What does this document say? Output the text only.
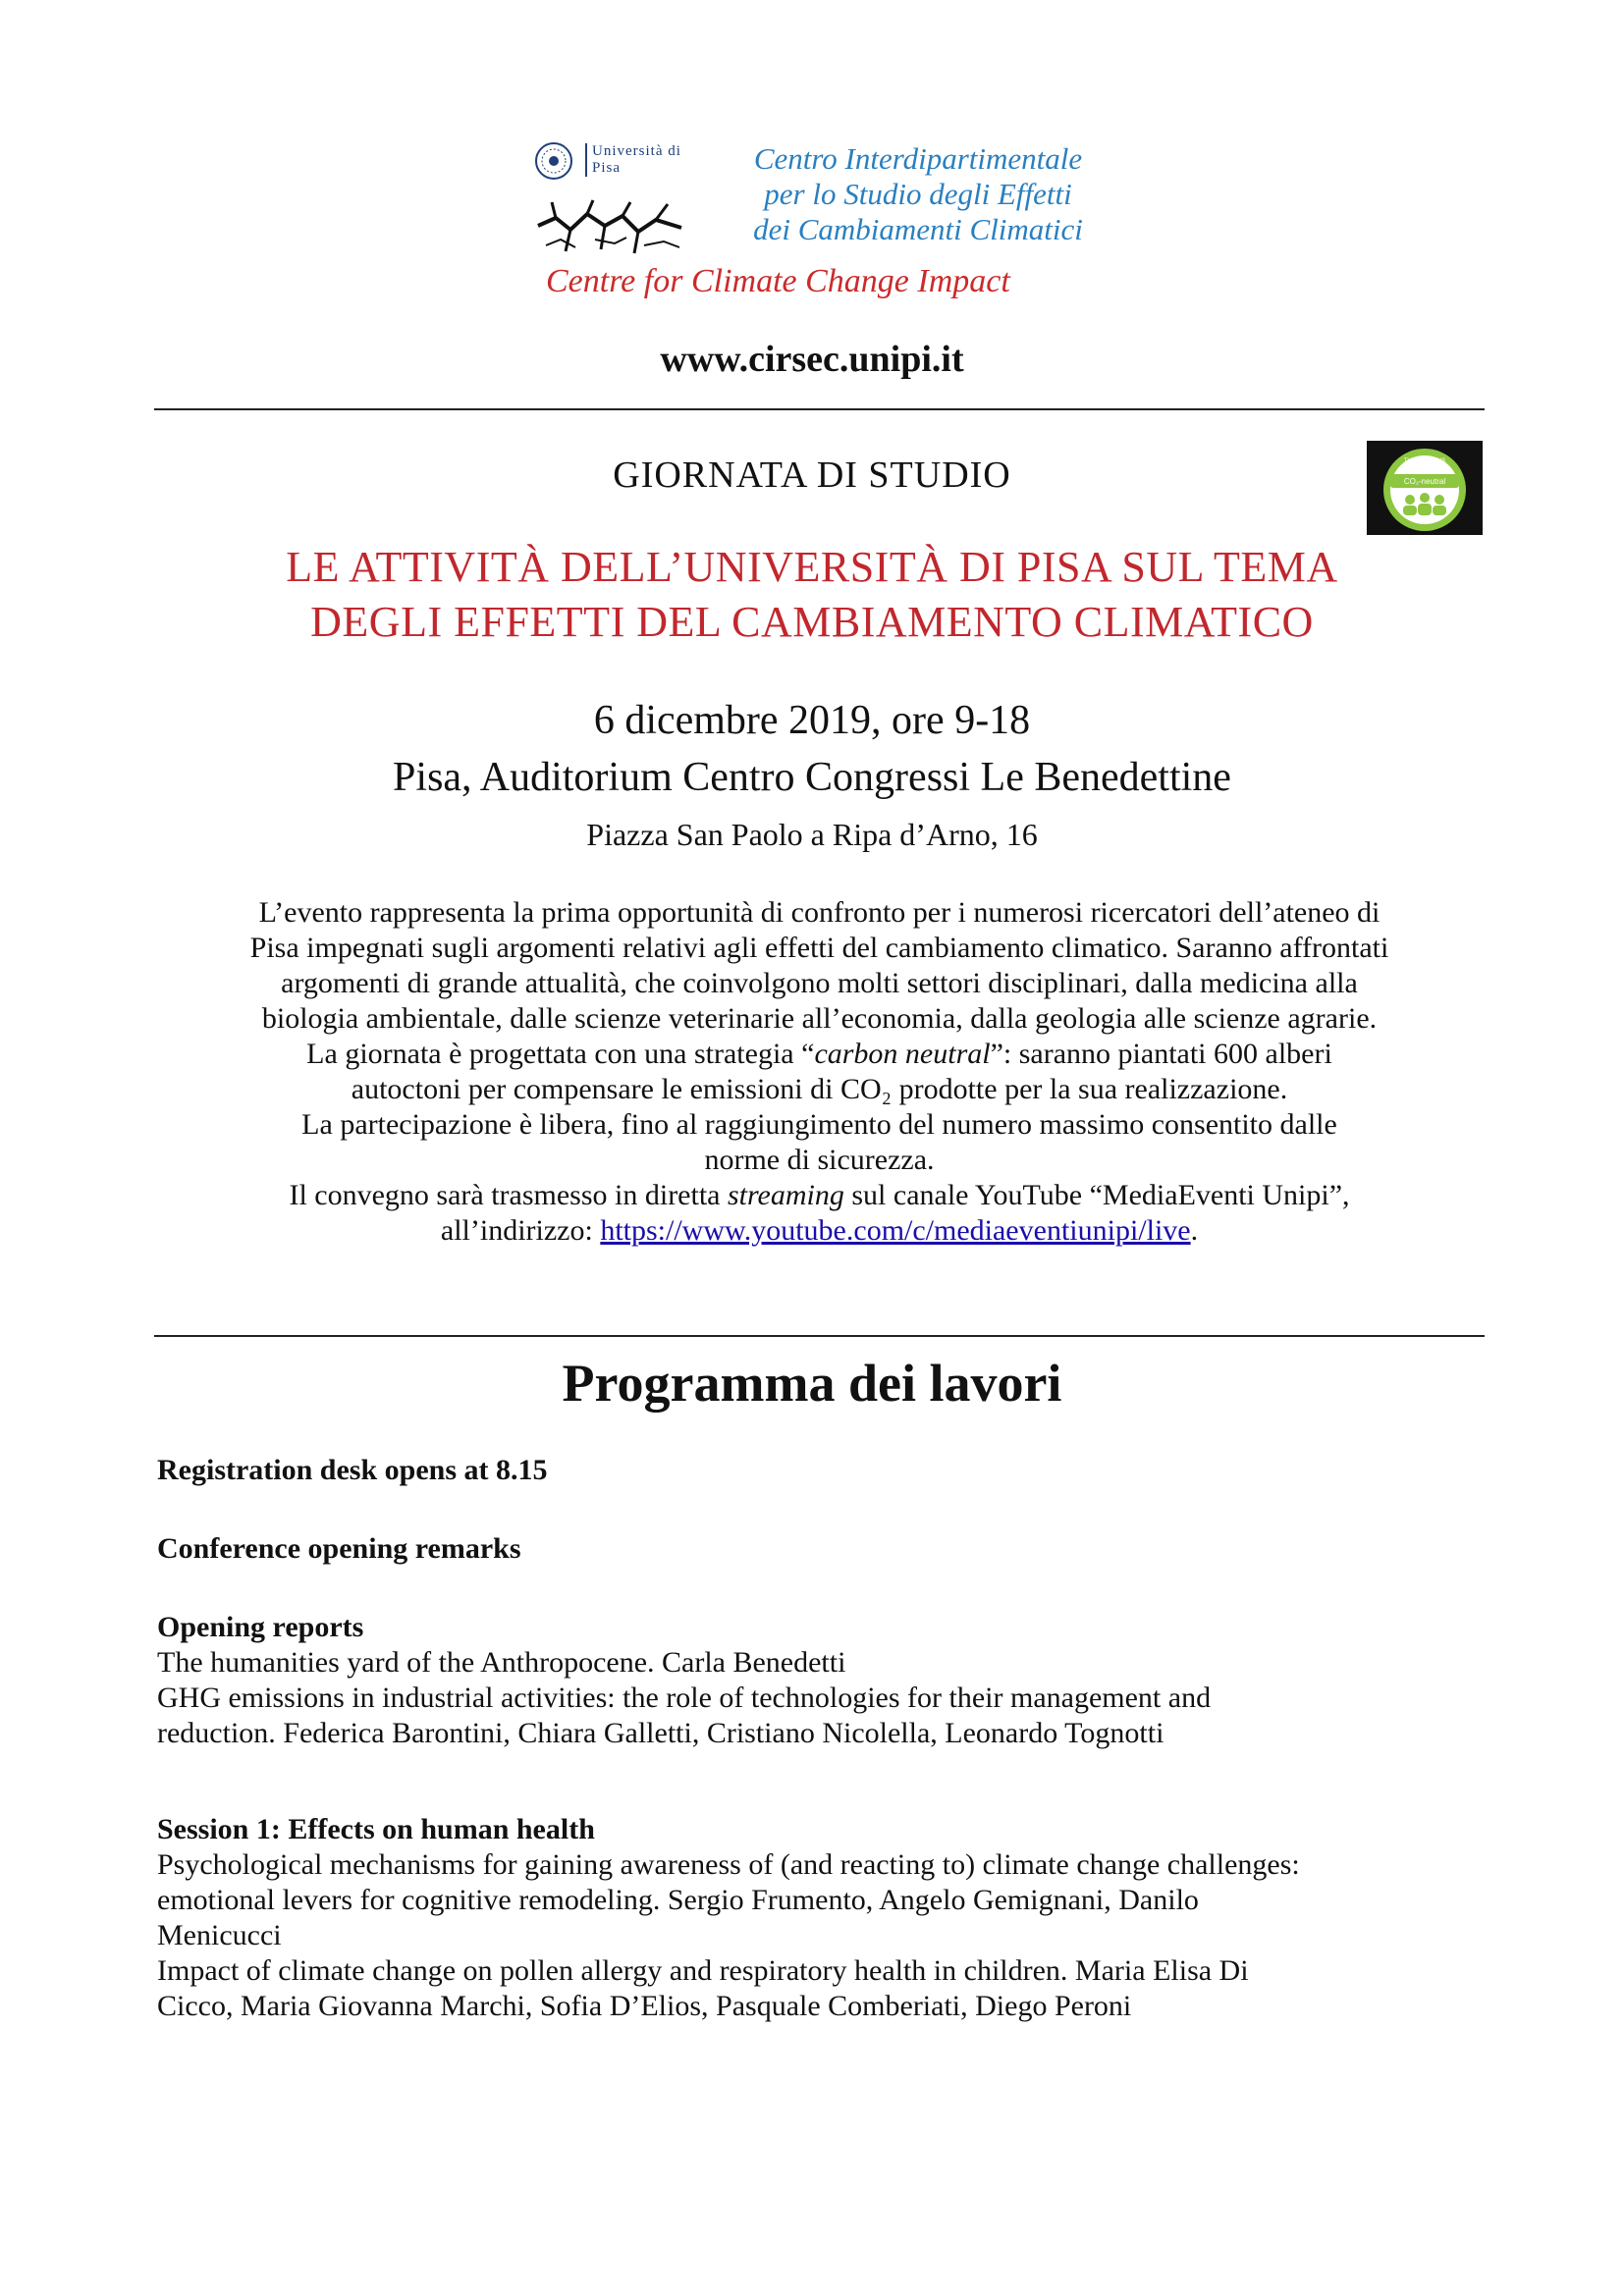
Università di Pisa	Centro Interdipartimentale
per lo Studio degli Effetti
dei Cambiamenti Climatici
Centre for Climate Change Impact
www.cirsec.unipi.it
CO₂-neutral
THIS EVENT IS
GIORNATA DI STUDIO
LE ATTIVITÀ DELL’UNIVERSITÀ DI PISA SUL TEMA
DEGLI EFFETTI DEL CAMBIAMENTO CLIMATICO
6 dicembre 2019, ore 9-18
Pisa, Auditorium Centro Congressi Le Benedettine
Piazza San Paolo a Ripa d’Arno, 16
L’evento rappresenta la prima opportunità di confronto per i numerosi ricercatori dell’ateneo di
Pisa impegnati sugli argomenti relativi agli effetti del cambiamento climatico. Saranno affrontati
argomenti di grande attualità, che coinvolgono molti settori disciplinari, dalla medicina alla
biologia ambientale, dalle scienze veterinarie all’economia, dalla geologia alle scienze agrarie.
La giornata è progettata con una strategia “carbon neutral”: saranno piantati 600 alberi
autoctoni per compensare le emissioni di CO₂ prodotte per la sua realizzazione.
La partecipazione è libera, fino al raggiungimento del numero massimo consentito dalle
norme di sicurezza.
Il convegno sarà trasmesso in diretta streaming sul canale YouTube “MediaEventi Unipi”,
all’indirizzo: https://www.youtube.com/c/mediaeventiunipi/live.
Programma dei lavori
Registration desk opens at 8.15
Conference opening remarks
Opening reports
The humanities yard of the Anthropocene. Carla Benedetti
GHG emissions in industrial activities: the role of technologies for their management and
reduction. Federica Barontini, Chiara Galletti, Cristiano Nicolella, Leonardo Tognotti
Session 1: Effects on human health
Psychological mechanisms for gaining awareness of (and reacting to) climate change challenges:
emotional levers for cognitive remodeling. Sergio Frumento, Angelo Gemignani, Danilo
Menicucci
Impact of climate change on pollen allergy and respiratory health in children. Maria Elisa Di
Cicco, Maria Giovanna Marchi, Sofia D’Elios, Pasquale Comberiati, Diego Peroni
